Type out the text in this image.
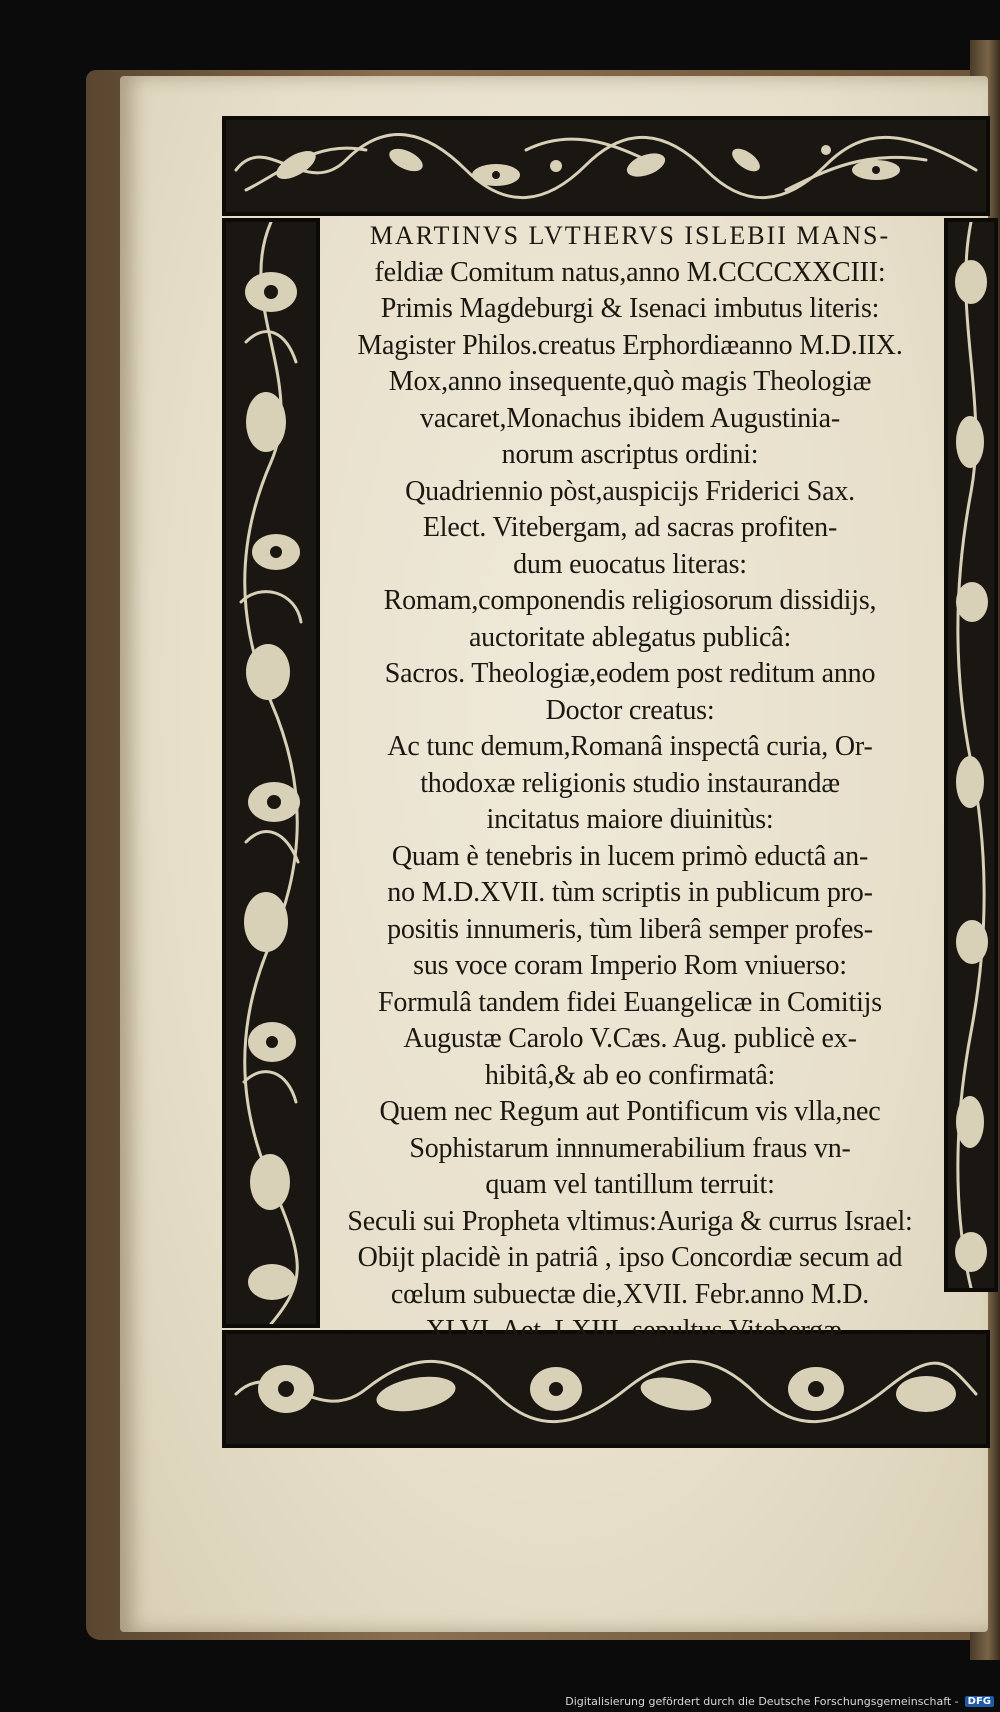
MARTINVS LVTHERVS ISLEBII MANS-
feldiæ Comitum natus,anno M.CCCCXXCIII:
Primis Magdeburgi & Isenaci imbutus literis:
Magister Philos.creatus Erphordiæanno M.D.IIX.
Mox,anno insequente,quò magis Theologiæ
vacaret,Monachus ibidem Augustinia-
norum ascriptus ordini:
Quadriennio pòst,auspicijs Friderici Sax.
Elect. Vitebergam, ad sacras profiten-
dum euocatus literas:
Romam,componendis religiosorum dissidijs,
auctoritate ablegatus publicâ:
Sacros. Theologiæ,eodem post reditum anno
Doctor creatus:
Ac tunc demum,Romanâ inspectâ curia, Or-
thodoxæ religionis studio instaurandæ
incitatus maiore diuinitùs:
Quam è tenebris in lucem primò eductâ an-
no M.D.XVII. tùm scriptis in publicum pro-
positis innumeris, tùm liberâ semper profes-
sus voce coram Imperio Rom vniuerso:
Formulâ tandem fidei Euangelicæ in Comitijs
Augustæ Carolo V.Cæs. Aug. publicè ex-
hibitâ,& ab eo confirmatâ:
Quem nec Regum aut Pontificum vis vlla,nec
Sophistarum innnumerabilium fraus vn-
quam vel tantillum terruit:
Seculi sui Propheta vltimus:Auriga & currus Israel:
Obijt placidè in patriâ , ipso Concordiæ secum ad
cœlum subuectæ die,XVII. Febr.anno M.D.
. XLVI. Aet. LXIII. sepultus Vitebergæ.
Digitalisierung gefördert durch die Deutsche Forschungsgemeinschaft - DFG
